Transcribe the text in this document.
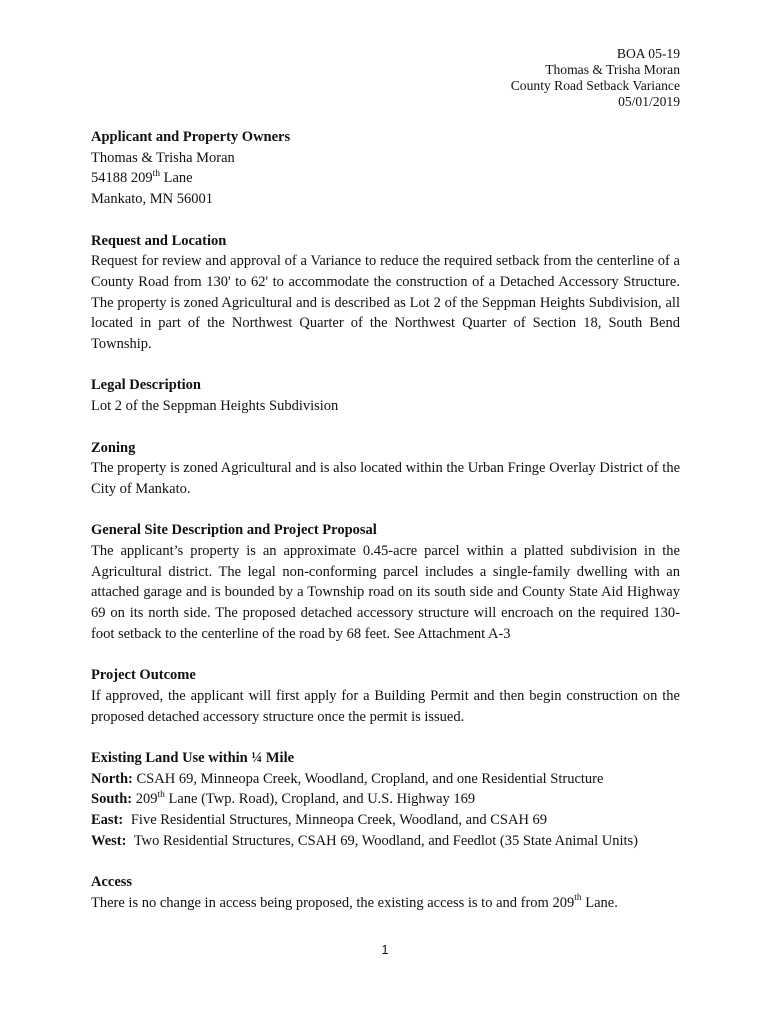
BOA 05-19
Thomas & Trisha Moran
County Road Setback Variance
05/01/2019
Applicant and Property Owners
Thomas & Trisha Moran
54188 209th Lane
Mankato, MN 56001
Request and Location
Request for review and approval of a Variance to reduce the required setback from the centerline of a County Road from 130' to 62' to accommodate the construction of a Detached Accessory Structure. The property is zoned Agricultural and is described as Lot 2 of the Seppman Heights Subdivision, all located in part of the Northwest Quarter of the Northwest Quarter of Section 18, South Bend Township.
Legal Description
Lot 2 of the Seppman Heights Subdivision
Zoning
The property is zoned Agricultural and is also located within the Urban Fringe Overlay District of the City of Mankato.
General Site Description and Project Proposal
The applicant’s property is an approximate 0.45-acre parcel within a platted subdivision in the Agricultural district. The legal non-conforming parcel includes a single-family dwelling with an attached garage and is bounded by a Township road on its south side and County State Aid Highway 69 on its north side. The proposed detached accessory structure will encroach on the required 130-foot setback to the centerline of the road by 68 feet. See Attachment A-3
Project Outcome
If approved, the applicant will first apply for a Building Permit and then begin construction on the proposed detached accessory structure once the permit is issued.
Existing Land Use within ¼ Mile
North: CSAH 69, Minneopa Creek, Woodland, Cropland, and one Residential Structure
South: 209th Lane (Twp. Road), Cropland, and U.S. Highway 169
East: Five Residential Structures, Minneopa Creek, Woodland, and CSAH 69
West: Two Residential Structures, CSAH 69, Woodland, and Feedlot (35 State Animal Units)
Access
There is no change in access being proposed, the existing access is to and from 209th Lane.
1
